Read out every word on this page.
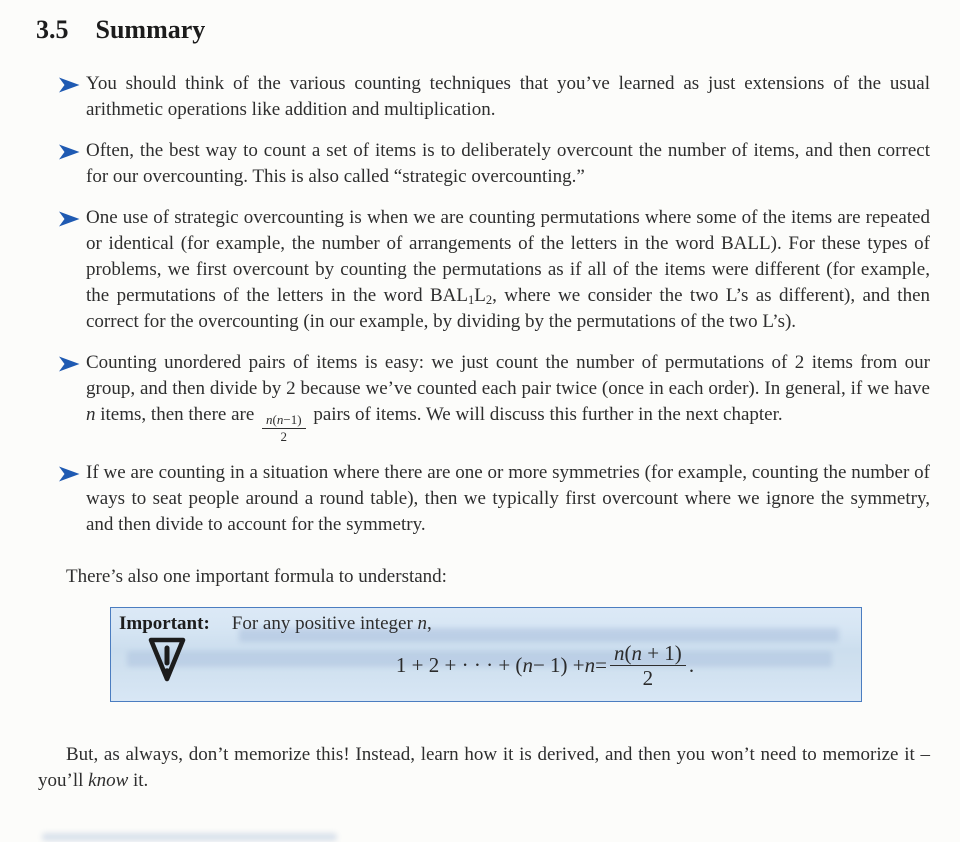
3.5 Summary

You should think of the various counting techniques that you’ve learned as just extensions of the usual arithmetic operations like addition and multiplication.

Often, the best way to count a set of items is to deliberately overcount the number of items, and then correct for our overcounting. This is also called “strategic overcounting.”

One use of strategic overcounting is when we are counting permutations where some of the items are repeated or identical (for example, the number of arrangements of the letters in the word BALL). For these types of problems, we first overcount by counting the permutations as if all of the items were different (for example, the permutations of the letters in the word $BAL_1L_2$, where we consider the two L’s as different), and then correct for the overcounting (in our example, by dividing by the permutations of the two L’s).

Counting unordered pairs of items is easy: we just count the number of permutations of 2 items from our group, and then divide by 2 because we’ve counted each pair twice (once in each order). In general, if we have n items, then there are $\frac{n(n-1)}{2}$ pairs of items. We will discuss this further in the next chapter.

If we are counting in a situation where there are one or more symmetries (for example, counting the number of ways to seat people around a round table), then we typically first overcount where we ignore the symmetry, and then divide to account for the symmetry.

There’s also one important formula to understand:

Important: For any positive integer n,
1 + 2 + · · · + ( $n - 1) + n = \frac{n(n + 1)}{2}$ .

But, as always, don’t memorize this! Instead, learn how it is derived, and then you won’t need to memorize it – you’ll know it.
